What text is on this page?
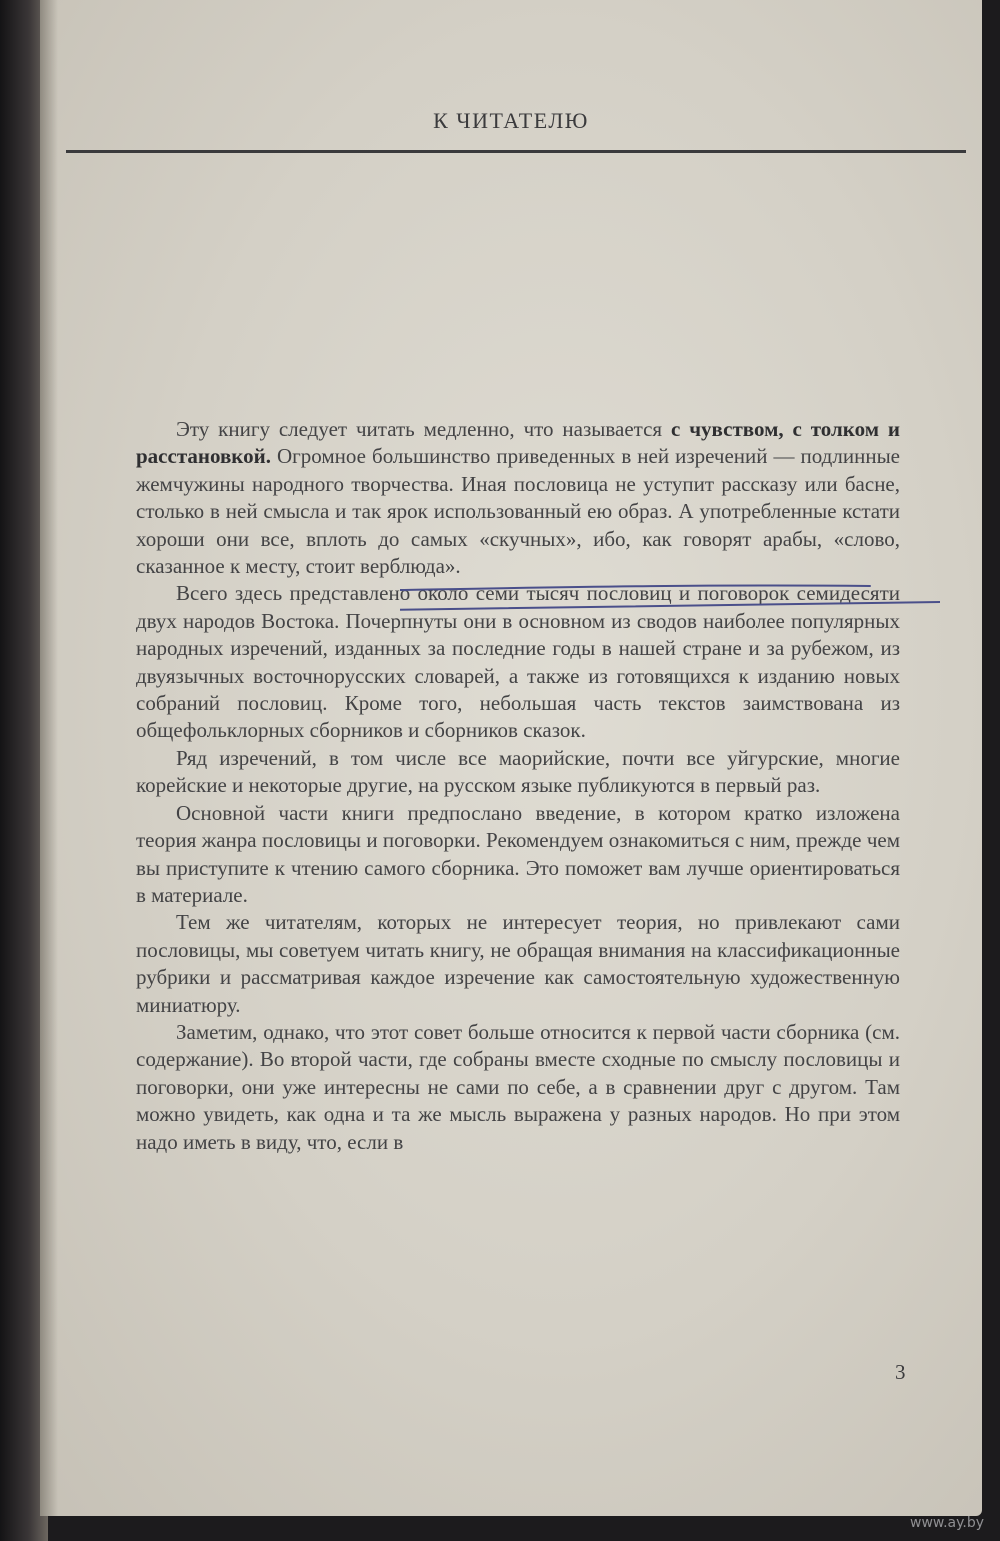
К ЧИТАТЕЛЮ

Эту книгу следует читать медленно, что называется с чувством, с толком и расстановкой. Огромное большинство приведенных в ней изречений — подлинные жемчужины народного творчества. Иная пословица не уступит рассказу или басне, столько в ней смысла и так ярок использованный ею образ. А употребленные кстати хороши они все, вплоть до самых «скучных», ибо, как говорят арабы, «слово, сказанное к месту, стоит верблюда».

Всего здесь представлено около семи тысяч пословиц и поговорок семидесяти двух народов Востока. Почерпнуты они в основном из сводов наиболее популярных народных изречений, изданных за последние годы в нашей стране и за рубежом, из двуязычных восточнорусских словарей, а также из готовящихся к изданию новых собраний пословиц. Кроме того, небольшая часть текстов заимствована из общефольклорных сборников и сборников сказок.

Ряд изречений, в том числе все маорийские, почти все уйгурские, многие корейские и некоторые другие, на русском языке публикуются в первый раз.

Основной части книги предпослано введение, в котором кратко изложена теория жанра пословицы и поговорки. Рекомендуем ознакомиться с ним, прежде чем вы приступите к чтению самого сборника. Это поможет вам лучше ориентироваться в материале.

Тем же читателям, которых не интересует теория, но привлекают сами пословицы, мы советуем читать книгу, не обращая внимания на классификационные рубрики и рассматривая каждое изречение как самостоятельную художественную миниатюру.

Заметим, однако, что этот совет больше относится к первой части сборника (см. содержание). Во второй части, где собраны вместе сходные по смыслу пословицы и поговорки, они уже интересны не сами по себе, а в сравнении друг с другом. Там можно увидеть, как одна и та же мысль выражена у разных народов. Но при этом надо иметь в виду, что, если в

3
www.ay.by
